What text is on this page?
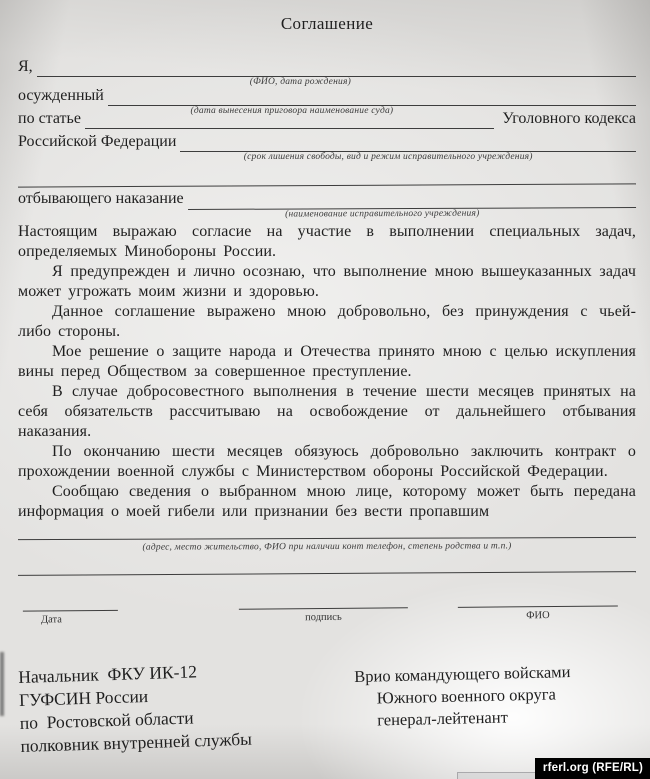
Соглашение
Я,
(ФИО, дата рождения)
осужденный
(дата вынесения приговора наименование суда)
по статье	Уголовного кодекса
Российской Федерации
(срок лишения свободы, вид и режим исправительного учреждения)
отбывающего наказание
(наименование исправительного учреждения)

Настоящим выражаю согласие на участие в выполнении специальных задач, определяемых Минобороны России.

Я предупрежден и лично осознаю, что выполнение мною вышеуказанных задач может угрожать моим жизни и здоровью.

Данное соглашение выражено мною добровольно, без принуждения с чьей- либо стороны.

Мое решение о защите народа и Отечества принято мною с целью искупления вины перед Обществом за совершенное преступление.

В случае добросовестного выполнения в течение шести месяцев принятых на себя обязательств рассчитываю на освобождение от дальнейшего отбывания наказания.

По окончанию шести месяцев обязуюсь добровольно заключить контракт о прохождении военной службы с Министерством обороны Российской Федерации.

Сообщаю сведения о выбранном мною лице, которому может быть передана информация о моей гибели или признании без вести пропавшим

(адрес, место жительство, ФИО при наличии конт телефон, степень родства и т.п.)
Дата	подпись	ФИО
Начальник  ФКУ ИК-12
ГУФСИН России
по  Ростовской области
полковник внутренней службы
Врио командующего войсками
Южного военного округа
генерал-лейтенант
rferl.org (RFE/RL)
